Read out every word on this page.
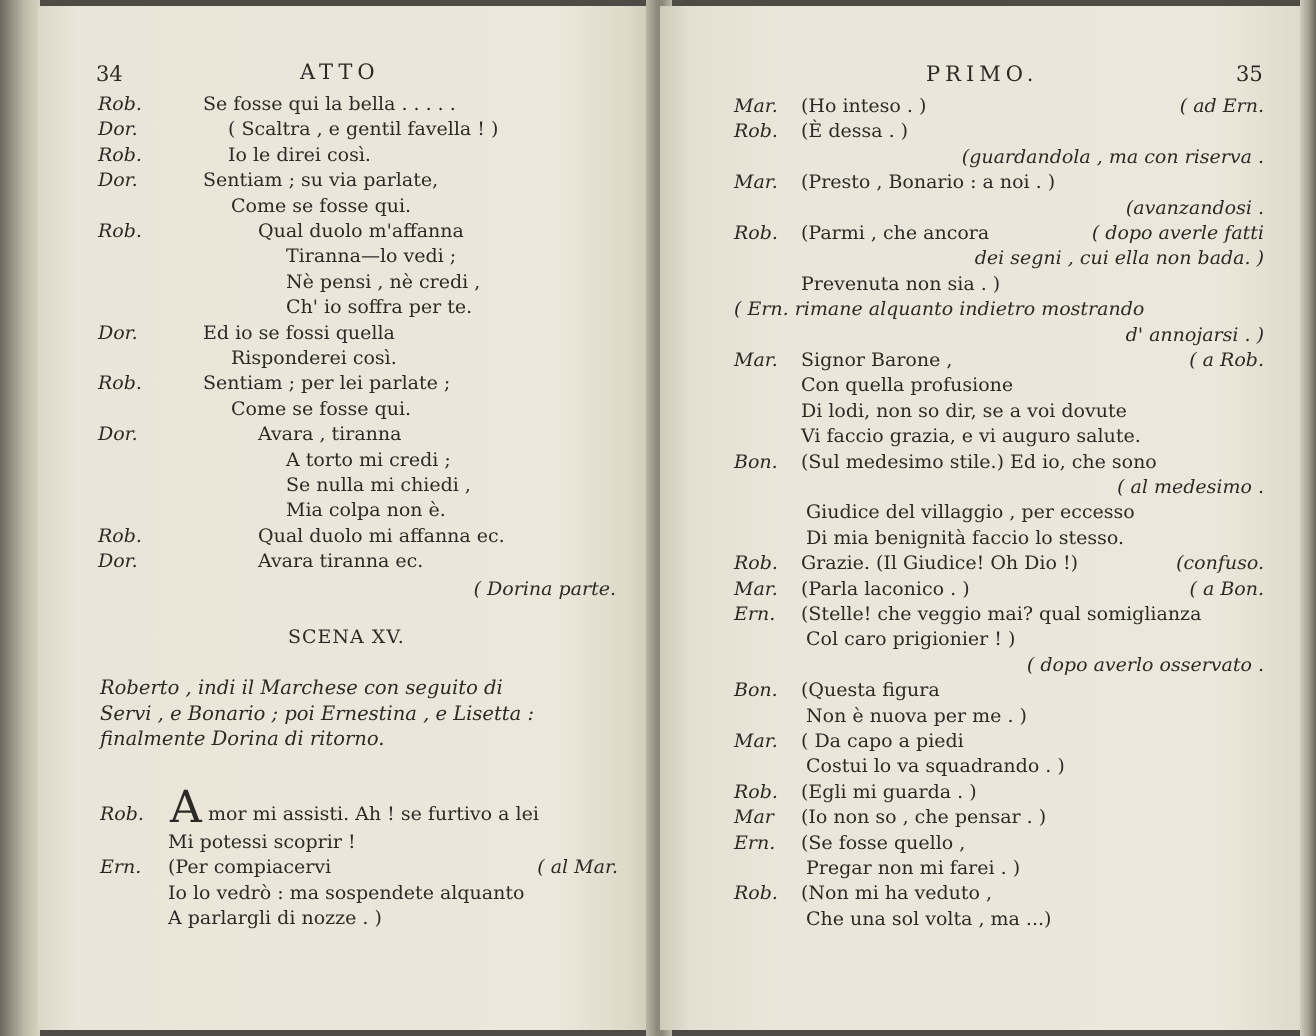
34	ATTO
Rob.	Se fosse qui la bella . . . . .
Dor.	( Scaltra , e gentil favella ! )
Rob.	Io le direi così.
Dor.	Sentiam ; su via parlate,
Come se fosse qui.
Rob.	Qual duolo m'affanna
Tiranna—lo vedi ;
Nè pensi , nè credi ,
Ch' io soffra per te.
Dor.	Ed io se fossi quella
Risponderei così.
Rob.	Sentiam ; per lei parlate ;
Come se fosse qui.
Dor.	Avara , tiranna
A torto mi credi ;
Se nulla mi chiedi ,
Mia colpa non è.
Rob.	Qual duolo mi affanna ec.
Dor.	Avara tiranna ec.
( Dorina parte.
SCENA XV.
Roberto , indi il Marchese con seguito di
Servi , e Bonario ; poi Ernestina , e Lisetta :
finalmente Dorina di ritorno.
Rob. A mor mi assisti. Ah ! se furtivo a lei
Mi potessi scoprir !
Ern. (Per compiacervi	( al Mar.
Io lo vedrò : ma sospendete alquanto
A parlargli di nozze . )
PRIMO.	35
Mar. (Ho inteso . )	( ad Ern.
Rob. (È dessa . )
(guardandola , ma con riserva .
Mar. (Presto , Bonario : a noi . )
(avanzandosi .
Rob. (Parmi , che ancora	( dopo averle fatti
dei segni , cui ella non bada. )
Prevenuta non sia . )
( Ern. rimane alquanto indietro mostrando
d' annojarsi . )
Mar. Signor Barone ,	( a Rob.
Con quella profusione
Di lodi, non so dir, se a voi dovute
Vi faccio grazia, e vi auguro salute.
Bon. (Sul medesimo stile.) Ed io, che sono
( al medesimo .
Giudice del villaggio , per eccesso
Di mia benignità faccio lo stesso.
Rob. Grazie. (Il Giudice! Oh Dio !)	(confuso.
Mar. (Parla laconico . )	( a Bon.
Ern. (Stelle! che veggio mai? qual somiglianza
Col caro prigionier ! )
( dopo averlo osservato .
Bon. (Questa figura
Non è nuova per me . )
Mar. ( Da capo a piedi
Costui lo va squadrando . )
Rob. (Egli mi guarda . )
Mar (Io non so , che pensar . )
Ern. (Se fosse quello ,
Pregar non mi farei . )
Rob. (Non mi ha veduto ,
Che una sol volta , ma ...)
